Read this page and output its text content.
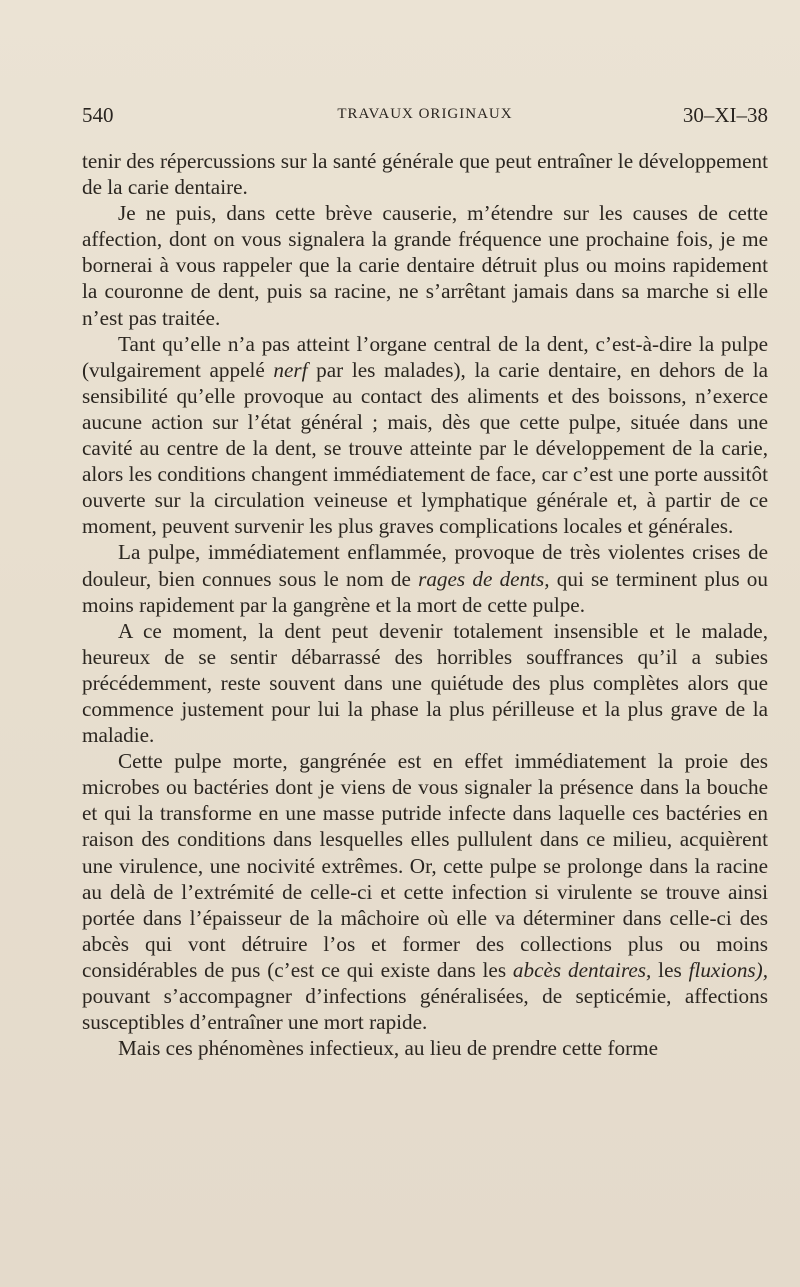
540	TRAVAUX ORIGINAUX	30–XI–38

tenir des répercussions sur la santé générale que peut entraîner le développement de la carie dentaire.

Je ne puis, dans cette brève causerie, m’étendre sur les causes de cette affection, dont on vous signalera la grande fréquence une prochaine fois, je me bornerai à vous rappeler que la carie dentaire détruit plus ou moins rapidement la couronne de dent, puis sa racine, ne s’arrêtant jamais dans sa marche si elle n’est pas traitée.

Tant qu’elle n’a pas atteint l’organe central de la dent, c’est-à-dire la pulpe (vulgairement appelé nerf par les malades), la carie dentaire, en dehors de la sensibilité qu’elle provoque au contact des aliments et des boissons, n’exerce aucune action sur l’état général ; mais, dès que cette pulpe, située dans une cavité au centre de la dent, se trouve atteinte par le développement de la carie, alors les conditions changent immédiatement de face, car c’est une porte aussitôt ouverte sur la circulation veineuse et lymphatique générale et, à partir de ce moment, peuvent survenir les plus graves complications locales et générales.

La pulpe, immédiatement enflammée, provoque de très violentes crises de douleur, bien connues sous le nom de rages de dents, qui se terminent plus ou moins rapidement par la gangrène et la mort de cette pulpe.

A ce moment, la dent peut devenir totalement insensible et le malade, heureux de se sentir débarrassé des horribles souffrances qu’il a subies précédemment, reste souvent dans une quiétude des plus complètes alors que commence justement pour lui la phase la plus périlleuse et la plus grave de la maladie.

Cette pulpe morte, gangrénée est en effet immédiatement la proie des microbes ou bactéries dont je viens de vous signaler la présence dans la bouche et qui la transforme en une masse putride infecte dans laquelle ces bactéries en raison des conditions dans lesquelles elles pullulent dans ce milieu, acquièrent une virulence, une nocivité extrêmes. Or, cette pulpe se prolonge dans la racine au delà de l’extrémité de celle-ci et cette infection si virulente se trouve ainsi portée dans l’épaisseur de la mâchoire où elle va déterminer dans celle-ci des abcès qui vont détruire l’os et former des collections plus ou moins considérables de pus (c’est ce qui existe dans les abcès dentaires, les fluxions), pouvant s’accompagner d’infections généralisées, de septicémie, affections susceptibles d’entraîner une mort rapide.

Mais ces phénomènes infectieux, au lieu de prendre cette forme
